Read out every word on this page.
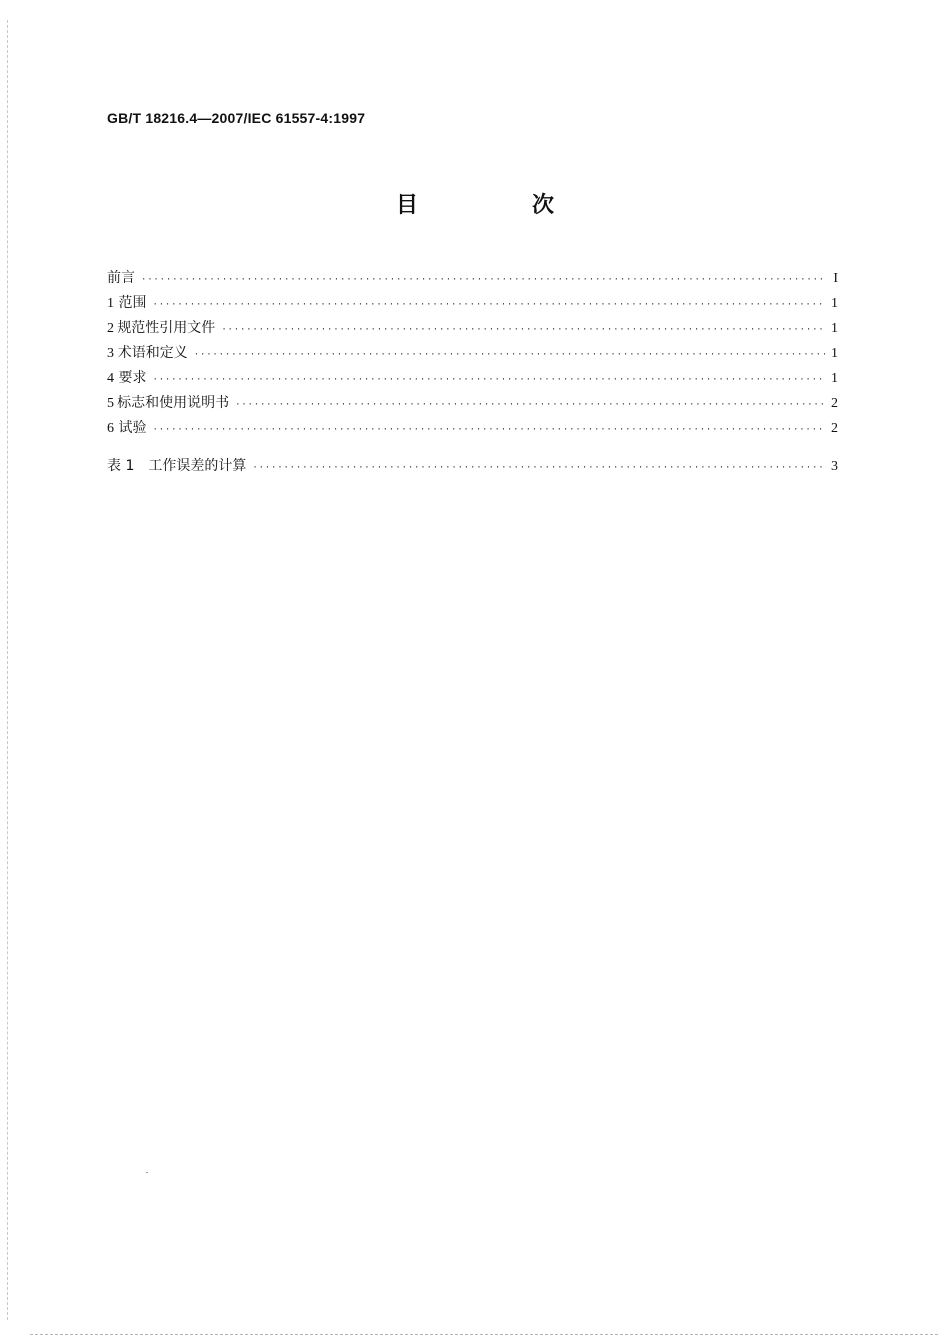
GB/T 18216.4—2007/IEC 61557-4:1997
目　次
前言 ·····	I
1 范围 ·····	1
2 规范性引用文件 ·····	1
3 术语和定义 ·····	1
4 要求 ·····	1
5 标志和使用说明书 ·····	2
6 试验 ·····	2
表 1　工作误差的计算 ·····	3
